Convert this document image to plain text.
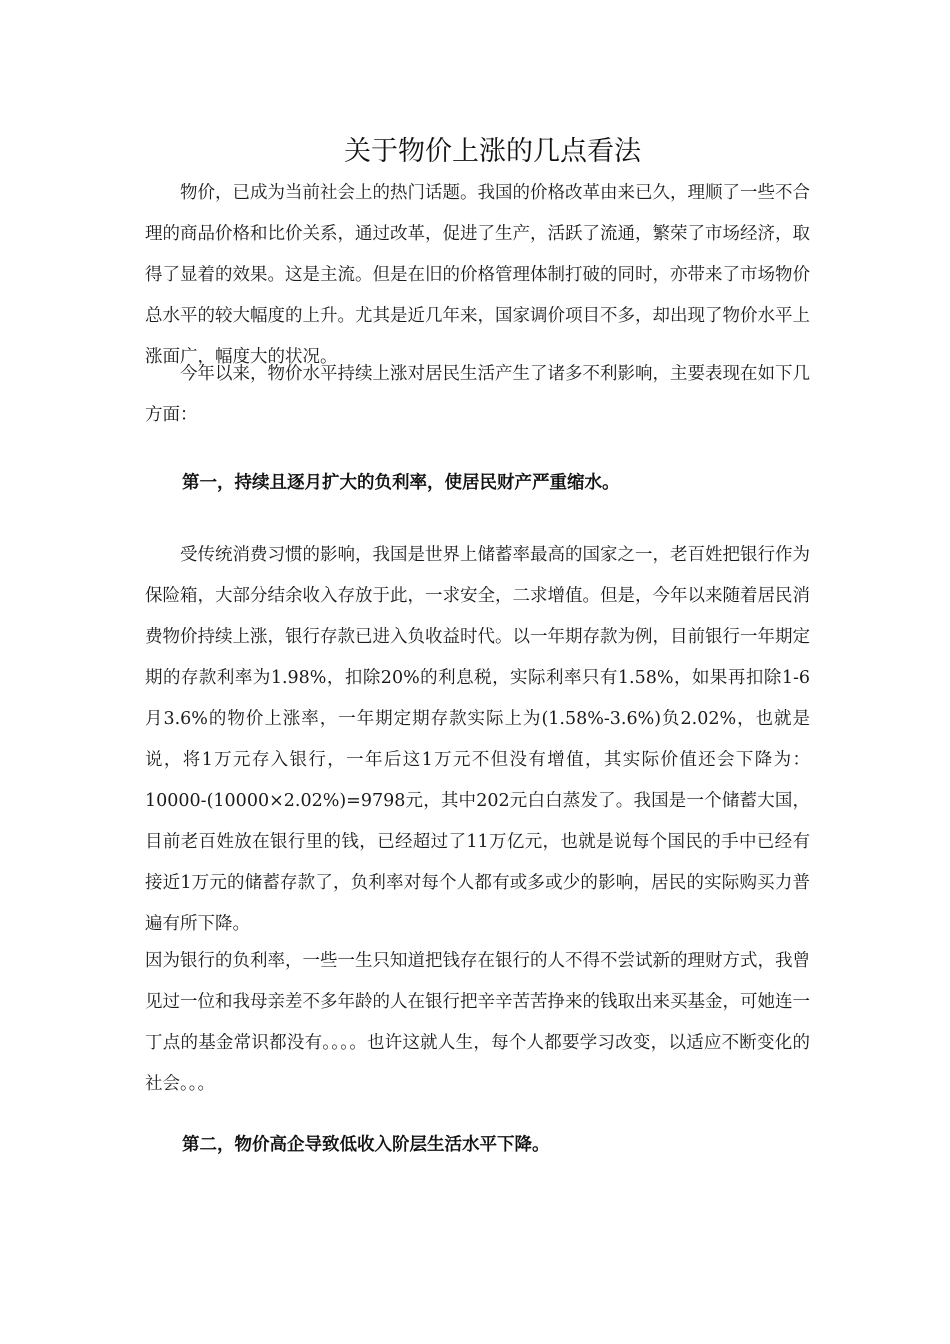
关于物价上涨的几点看法

物价，已成为当前社会上的热门话题。我国的价格改革由来已久，理顺了一些不合理的商品价格和比价关系，通过改革，促进了生产，活跃了流通，繁荣了市场经济，取得了显着的效果。这是主流。但是在旧的价格管理体制打破的同时，亦带来了市场物价总水平的较大幅度的上升。尤其是近几年来，国家调价项目不多，却出现了物价水平上涨面广，幅度大的状况。

今年以来，物价水平持续上涨对居民生活产生了诸多不利影响，主要表现在如下几方面：

第一，持续且逐月扩大的负利率，使居民财产严重缩水。

受传统消费习惯的影响，我国是世界上储蓄率最高的国家之一，老百姓把银行作为保险箱，大部分结余收入存放于此，一求安全，二求增值。但是，今年以来随着居民消费物价持续上涨，银行存款已进入负收益时代。以一年期存款为例，目前银行一年期定期的存款利率为1.98%，扣除20%的利息税，实际利率只有1.58%，如果再扣除1-6月3.6%的物价上涨率，一年期定期存款实际上为(1.58%-3.6%)负2.02%，也就是说，将1万元存入银行，一年后这1万元不但没有增值，其实际价值还会下降为：10000-(10000×2.02%)=9798元，其中202元白白蒸发了。我国是一个储蓄大国，目前老百姓放在银行里的钱，已经超过了11万亿元，也就是说每个国民的手中已经有接近1万元的储蓄存款了，负利率对每个人都有或多或少的影响，居民的实际购买力普遍有所下降。

因为银行的负利率，一些一生只知道把钱存在银行的人不得不尝试新的理财方式，我曾见过一位和我母亲差不多年龄的人在银行把辛辛苦苦挣来的钱取出来买基金，可她连一丁点的基金常识都没有。。。。也许这就人生，每个人都要学习改变，以适应不断变化的社会。。。

第二，物价高企导致低收入阶层生活水平下降。
